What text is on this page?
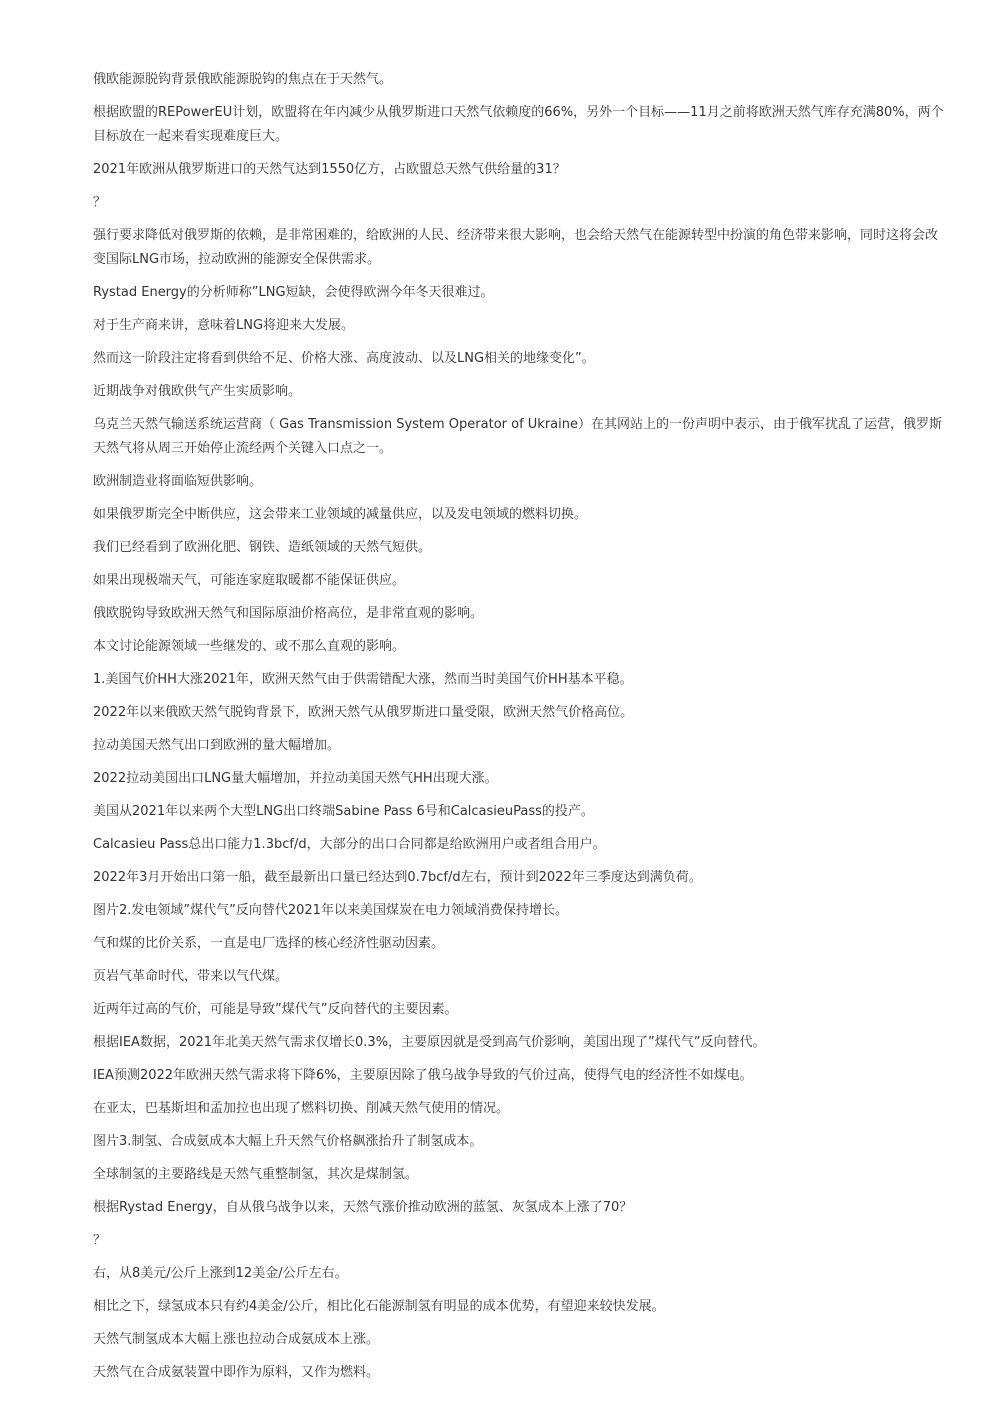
俄欧能源脱钩背景俄欧能源脱钩的焦点在于天然气。

根据欧盟的REPowerEU计划，欧盟将在年内减少从俄罗斯进口天然气依赖度的66%，另外一个目标——11月之前将欧洲天然气库存充满80%，两个目标放在一起来看实现难度巨大。

2021年欧洲从俄罗斯进口的天然气达到1550亿方，占欧盟总天然气供给量的31？

？

强行要求降低对俄罗斯的依赖，是非常困难的，给欧洲的人民、经济带来很大影响，也会给天然气在能源转型中扮演的角色带来影响，同时这将会改变国际LNG市场，拉动欧洲的能源安全保供需求。

Rystad Energy的分析师称”LNG短缺，会使得欧洲今年冬天很难过。

对于生产商来讲，意味着LNG将迎来大发展。

然而这一阶段注定将看到供给不足、价格大涨、高度波动、以及LNG相关的地缘变化”。

近期战争对俄欧供气产生实质影响。

乌克兰天然气输送系统运营商（ Gas Transmission System Operator of Ukraine）在其网站上的一份声明中表示，由于俄军扰乱了运营，俄罗斯天然气将从周三开始停止流经两个关键入口点之一。

欧洲制造业将面临短供影响。

如果俄罗斯完全中断供应，这会带来工业领域的减量供应，以及发电领域的燃料切换。

我们已经看到了欧洲化肥、钢铁、造纸领域的天然气短供。

如果出现极端天气，可能连家庭取暖都不能保证供应。

俄欧脱钩导致欧洲天然气和国际原油价格高位，是非常直观的影响。

本文讨论能源领域一些继发的、或不那么直观的影响。

1.美国气价HH大涨2021年，欧洲天然气由于供需错配大涨，然而当时美国气价HH基本平稳。

2022年以来俄欧天然气脱钩背景下，欧洲天然气从俄罗斯进口量受限，欧洲天然气价格高位。

拉动美国天然气出口到欧洲的量大幅增加。

2022拉动美国出口LNG量大幅增加，并拉动美国天然气HH出现大涨。

美国从2021年以来两个大型LNG出口终端Sabine Pass 6号和CalcasieuPass的投产。

Calcasieu Pass总出口能力1.3bcf/d，大部分的出口合同都是给欧洲用户或者组合用户。

2022年3月开始出口第一船，截至最新出口量已经达到0.7bcf/d左右，预计到2022年三季度达到满负荷。

图片2.发电领域”煤代气”反向替代2021年以来美国煤炭在电力领域消费保持增长。

气和煤的比价关系，一直是电厂选择的核心经济性驱动因素。

页岩气革命时代，带来以气代煤。

近两年过高的气价，可能是导致”煤代气”反向替代的主要因素。

根据IEA数据，2021年北美天然气需求仅增长0.3%，主要原因就是受到高气价影响，美国出现了”煤代气”反向替代。

IEA预测2022年欧洲天然气需求将下降6%，主要原因除了俄乌战争导致的气价过高，使得气电的经济性不如煤电。

在亚太，巴基斯坦和孟加拉也出现了燃料切换、削减天然气使用的情况。

图片3.制氢、合成氨成本大幅上升天然气价格飙涨抬升了制氢成本。

全球制氢的主要路线是天然气重整制氢，其次是煤制氢。

根据Rystad Energy，自从俄乌战争以来，天然气涨价推动欧洲的蓝氢、灰氢成本上涨了70？

？

右，从8美元/公斤上涨到12美金/公斤左右。

相比之下，绿氢成本只有约4美金/公斤，相比化石能源制氢有明显的成本优势，有望迎来较快发展。

天然气制氢成本大幅上涨也拉动合成氨成本上涨。

天然气在合成氨装置中即作为原料，又作为燃料。
